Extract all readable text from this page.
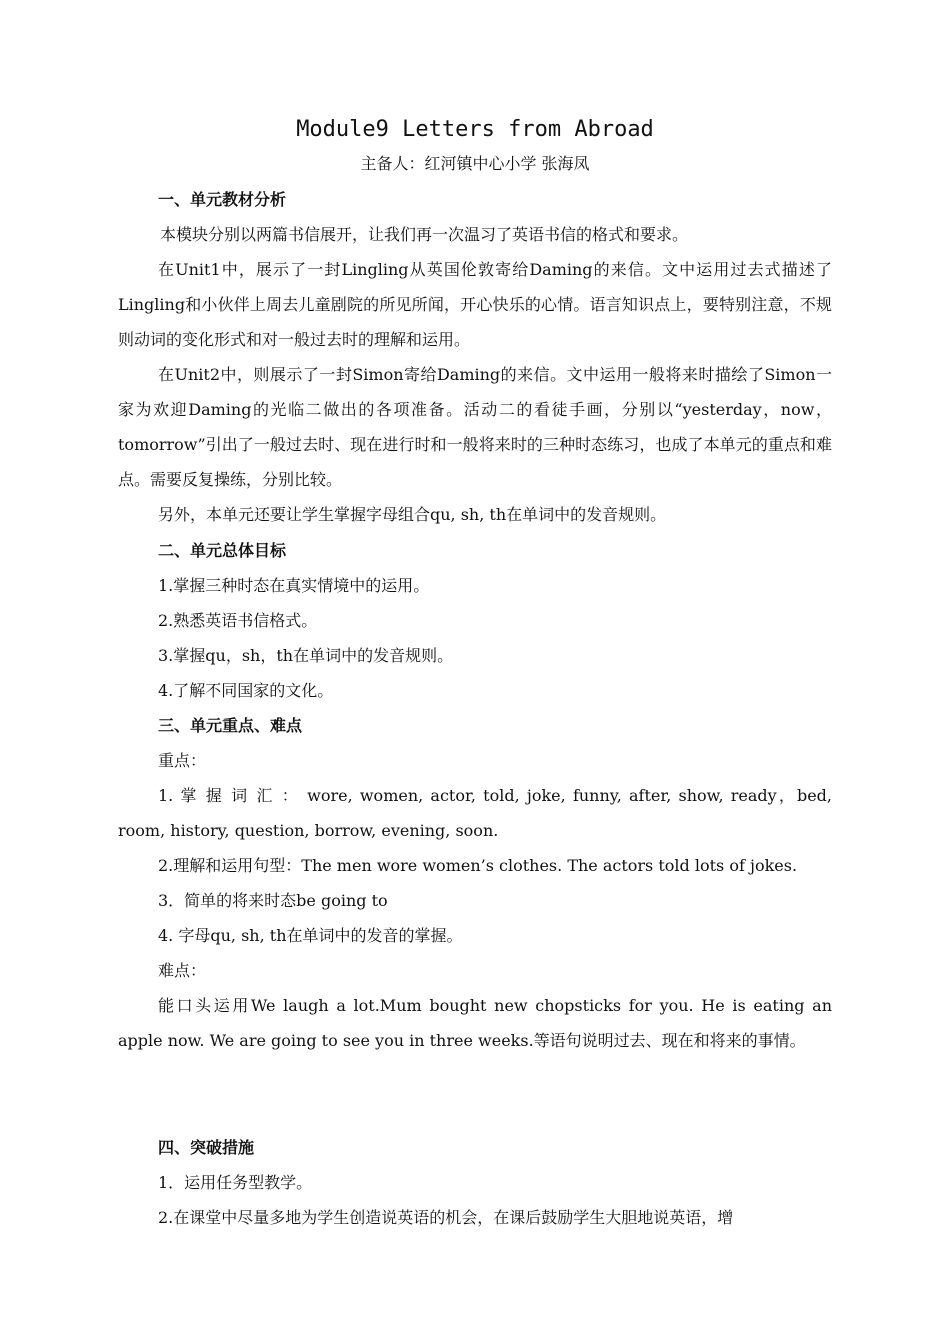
Module9 Letters from Abroad
主备人：红河镇中心小学 张海凤
一、单元教材分析
本模块分别以两篇书信展开，让我们再一次温习了英语书信的格式和要求。
在Unit1中，展示了一封Lingling从英国伦敦寄给Daming的来信。文中运用过去式描述了Lingling和小伙伴上周去儿童剧院的所见所闻，开心快乐的心情。语言知识点上，要特别注意，不规则动词的变化形式和对一般过去时的理解和运用。
在Unit2中，则展示了一封Simon寄给Daming的来信。文中运用一般将来时描绘了Simon一家为欢迎Daming的光临二做出的各项准备。活动二的看徒手画，分别以“yesterday，now，tomorrow”引出了一般过去时、现在进行时和一般将来时的三种时态练习，也成了本单元的重点和难点。需要反复操练，分别比较。
另外，本单元还要让学生掌握字母组合qu, sh, th在单词中的发音规则。
二、单元总体目标
1.掌握三种时态在真实情境中的运用。
2.熟悉英语书信格式。
3.掌握qu，sh，th在单词中的发音规则。
4.了解不同国家的文化。
三、单元重点、难点
重点：
1. 掌 握 词 汇 ： wore, women, actor, told, joke, funny, after, show, ready，bed, room, history, question, borrow, evening, soon.
2.理解和运用句型：The men wore women’s clothes. The actors told lots of jokes.
3．简单的将来时态be going to
4. 字母qu, sh, th在单词中的发音的掌握。
难点：
能口头运用We laugh a lot.Mum bought new chopsticks for you. He is eating an apple now. We are going to see you in three weeks.等语句说明过去、现在和将来的事情。
四、突破措施
1．运用任务型教学。
2.在课堂中尽量多地为学生创造说英语的机会，在课后鼓励学生大胆地说英语，增
